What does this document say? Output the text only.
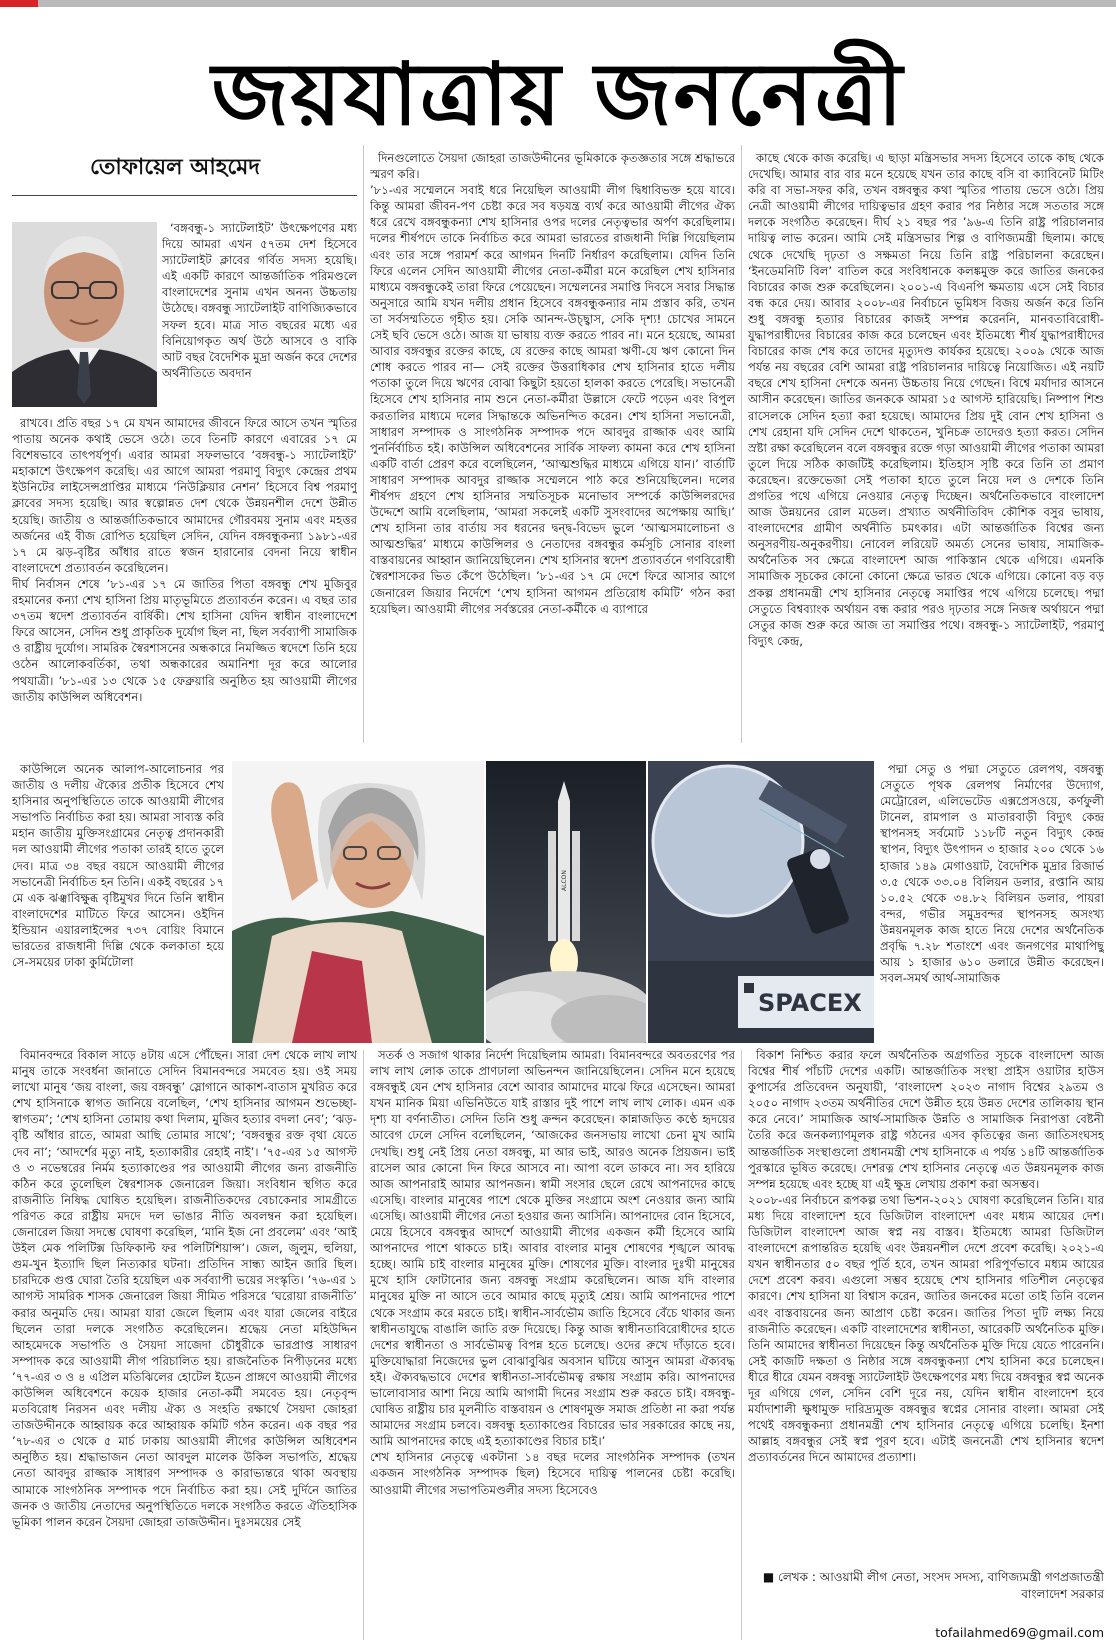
জয়যাত্রায় জননেত্রী
তোফায়েল আহমেদ

‘বঙ্গবন্ধু-১ স্যাটেলাইট’ উৎক্ষেপণের মধ্য দিয়ে আমরা এখন ৫৭তম দেশ হিসেবে স্যাটেলাইট ক্লাবের গর্বিত সদস্য হয়েছি। এই একটি কারণে আন্তর্জাতিক পরিমণ্ডলে বাংলাদেশের সুনাম এখন অনন্য উচ্চতায় উঠেছে। বঙ্গবন্ধু স্যাটেলাইট বাণিজ্যিকভাবে সফল হবে। মাত্র সাত বছরের মধ্যে এর বিনিয়োগকৃত অর্থ উঠে আসবে ও বাকি আট বছর বৈদেশিক মুদ্রা অর্জন করে দেশের অর্থনীতিতে অবদান

রাখবে। প্রতি বছর ১৭ মে যখন আমাদের জীবনে ফিরে আসে তখন স্মৃতির পাতায় অনেক কথাই ভেসে ওঠে। তবে তিনটি কারণে এবারের ১৭ মে বিশেষভাবে তাৎপর্যপূর্ণ। এবার আমরা সফলভাবে ‘বঙ্গবন্ধু-১ স্যাটেলাইট’ মহাকাশে উৎক্ষেপণ করেছি। এর আগে আমরা পরমাণু বিদ্যুৎ কেন্দ্রের প্রথম ইউনিটের লাইসেন্সপ্রাপ্তির মাধ্যমে ‘নিউক্লিয়ার নেশন’ হিসেবে বিশ্ব পরমাণু ক্লাবের সদস্য হয়েছি। আর স্বল্পোন্নত দেশ থেকে উন্নয়নশীল দেশে উন্নীত হয়েছি। জাতীয় ও আন্তর্জাতিকভাবে আমাদের গৌরবময় সুনাম এবং মহত্তর অর্জনের এই বীজ রোপিত হয়েছিল সেদিন, যেদিন বঙ্গবন্ধুকন্যা ১৯৮১-এর ১৭ মে ঝড়-বৃষ্টির আঁধার রাতে স্বজন হারানোর বেদনা নিয়ে স্বাধীন বাংলাদেশে প্রত্যাবর্তন করেছিলেন।
দীর্ঘ নির্বাসন শেষে ’৮১-এর ১৭ মে জাতির পিতা বঙ্গবন্ধু শেখ মুজিবুর রহমানের কন্যা শেখ হাসিনা প্রিয় মাতৃভূমিতে প্রত্যাবর্তন করেন। এ বছর তার ৩৭তম স্বদেশ প্রত্যাবর্তন বার্ষিকী। শেখ হাসিনা যেদিন স্বাধীন বাংলাদেশে ফিরে আসেন, সেদিন শুধু প্রাকৃতিক দুর্যোগ ছিল না, ছিল সর্বব্যাপী সামাজিক ও রাষ্ট্রীয় দুর্যোগ। সামরিক স্বৈরশাসনের অন্ধকারে নিমজ্জিত স্বদেশে তিনি হয়ে ওঠেন আলোকবর্তিকা, তথা অন্ধকারের অমানিশা দূর করে আলোর পথযাত্রী। ’৮১-এর ১৩ থেকে ১৫ ফেব্রুয়ারি অনুষ্ঠিত হয় আওয়ামী লীগের জাতীয় কাউন্সিল অধিবেশন।

কাউন্সিলে অনেক আলাপ-আলোচনার পর জাতীয় ও দলীয় ঐক্যের প্রতীক হিসেবে শেখ হাসিনার অনুপস্থিতিতে তাকে আওয়ামী লীগের সভাপতি নির্বাচিত করা হয়। আমরা সাব্যস্ত করি মহান জাতীয় মুক্তিসংগ্রামের নেতৃত্ব প্রদানকারী দল আওয়ামী লীগের পতাকা তারই হাতে তুলে দেব। মাত্র ৩৪ বছর বয়সে আওয়ামী লীগের সভানেত্রী নির্বাচিত হন তিনি। একই বছরের ১৭ মে এক ঝঞ্ঝাবিক্ষুব্ধ বৃষ্টিমুখর দিনে তিনি স্বাধীন বাংলাদেশের মাটিতে ফিরে আসেন। ওইদিন ইন্ডিয়ান এয়ারলাইন্সের ৭৩৭ বোয়িং বিমানে ভারতের রাজধানী দিল্লি থেকে কলকাতা হয়ে সে-সময়ের ঢাকা কুর্মিটোলা

বিমানবন্দরে বিকাল সাড়ে ৪টায় এসে পৌঁছেন। সারা দেশ থেকে লাখ লাখ মানুষ তাকে সংবর্ধনা জানাতে সেদিন বিমানবন্দরে সমবেত হয়। ওই সময় লাখো মানুষ ‘জয় বাংলা, জয় বঙ্গবন্ধু’ স্লোগানে আকাশ-বাতাস মুখরিত করে শেখ হাসিনাকে স্বাগত জানিয়ে বলেছিল, ‘শেখ হাসিনার আগমন শুভেচ্ছা-স্বাগতম’; ‘শেখ হাসিনা তোমায় কথা দিলাম, মুজিব হত্যার বদলা নেব’; ‘ঝড়-বৃষ্টি আঁধার রাতে, আমরা আছি তোমার সাথে’; ‘বঙ্গবন্ধুর রক্ত বৃথা যেতে দেব না’; ‘আদর্শের মৃত্যু নাই, হত্যাকারীর রেহাই নাই’। ’৭৫-এর ১৫ আগস্ট ও ৩ নভেম্বরের নির্মম হত্যাকাণ্ডের পর আওয়ামী লীগের জন্য রাজনীতি কঠিন করে তুলেছিল স্বৈরশাসক জেনারেল জিয়া। সংবিধান স্থগিত করে রাজনীতি নিষিদ্ধ ঘোষিত হয়েছিল। রাজনীতিকদের বেচাকেনার সামগ্রীতে পরিণত করে রাষ্ট্রীয় মদদে দল ভাঙার নীতি অবলম্বন করা হয়েছিল। জেনারেল জিয়া সদম্ভে ঘোষণা করেছিল, ‘মানি ইজ নো প্রবলেম’ এবং ‘আই উইল মেক পলিটিক্স ডিফিকাল্ট ফর পলিটিশিয়ান্স’। জেল, জুলুম, হুলিয়া, গুম-খুন ইত্যাদি ছিল নিত্যকার ঘটনা। প্রতিদিন সান্ধ্য আইন জারি ছিল। চারদিকে গুপ্ত ঘোরা তৈরি হয়েছিল এক সর্বব্যাপী ভয়ের সংস্কৃতি। ’৭৬-এর ১ আগস্ট সামরিক শাসক জেনারেল জিয়া সীমিত পরিসরে ‘ঘরোয়া রাজনীতি’ করার অনুমতি দেয়। আমরা যারা জেলে ছিলাম এবং যারা জেলের বাইরে ছিলেন তারা দলকে সংগঠিত করেছিলেন। শ্রদ্ধেয় নেতা মহিউদ্দিন আহমেদকে সভাপতি ও সৈয়দা সাজেদা চৌধুরীকে ভারপ্রাপ্ত সাধারণ সম্পাদক করে আওয়ামী লীগ পরিচালিত হয়। রাজনৈতিক নিপীড়নের মধ্যে ’৭৭-এর ৩ ও ৪ এপ্রিল মতিঝিলের হোটেল ইডেন প্রাঙ্গণে আওয়ামী লীগের কাউন্সিল অধিবেশনে কয়েক হাজার নেতা-কর্মী সমবেত হয়। নেতৃবৃন্দ মতবিরোধ নিরসন এবং দলীয় ঐক্য ও সংহতি রক্ষার্থে সৈয়দা জোহরা তাজউদ্দীনকে আহ্বায়ক করে আহ্বায়ক কমিটি গঠন করেন। এক বছর পর ’৭৮-এর ৩ থেকে ৫ মার্চ ঢাকায় আওয়ামী লীগের কাউন্সিল অধিবেশন অনুষ্ঠিত হয়। শ্রদ্ধাভাজন নেতা আবদুল মালেক উকিল সভাপতি, শ্রদ্ধেয় নেতা আবদুর রাজ্জাক সাধারণ সম্পাদক ও কারাভ্যন্তরে থাকা অবস্থায় আমাকে সাংগঠনিক সম্পাদক পদে নির্বাচিত করা হয়। সেই দুর্দিনে জাতির জনক ও জাতীয় নেতাদের অনুপস্থিতিতে দলকে সংগঠিত করতে ঐতিহাসিক ভূমিকা পালন করেন সৈয়দা জোহরা তাজউদ্দীন। দুঃসময়ের সেই

দিনগুলোতে সৈয়দা জোহরা তাজউদ্দীনের ভূমিকাকে কৃতজ্ঞতার সঙ্গে শ্রদ্ধাভরে স্মরণ করি।
’৮১-এর সম্মেলনে সবাই ধরে নিয়েছিল আওয়ামী লীগ দ্বিধাবিভক্ত হয়ে যাবে। কিন্তু আমরা জীবন-পণ চেষ্টা করে সব ষড়যন্ত্র ব্যর্থ করে আওয়ামী লীগের ঐক্য ধরে রেখে বঙ্গবন্ধুকন্যা শেখ হাসিনার ওপর দলের নেতৃত্বভার অর্পণ করেছিলাম। দলের শীর্ষপদে তাকে নির্বাচিত করে আমরা ভারতের রাজধানী দিল্লি গিয়েছিলাম এবং তার সঙ্গে পরামর্শ করে আগমন দিনটি নির্ধারণ করেছিলাম। যেদিন তিনি ফিরে এলেন সেদিন আওয়ামী লীগের নেতা-কর্মীরা মনে করেছিল শেখ হাসিনার মাধ্যমে বঙ্গবন্ধুকেই তারা ফিরে পেয়েছেন। সম্মেলনের সমাপ্তি দিবসে সবার সিদ্ধান্ত অনুসারে আমি যখন দলীয় প্রধান হিসেবে বঙ্গবন্ধুকন্যার নাম প্রস্তাব করি, তখন তা সর্বসম্মতিতে গৃহীত হয়। সেকি আনন্দ-উচ্ছ্বাস, সেকি দৃশ্য! চোখের সামনে সেই ছবি ভেসে ওঠে। আজ যা ভাষায় ব্যক্ত করতে পারব না। মনে হয়েছে, আমরা আবার বঙ্গবন্ধুর রক্তের কাছে, যে রক্তের কাছে আমরা ঋণী-যে ঋণ কোনো দিন শোধ করতে পারব না— সেই রক্তের উত্তরাধিকার শেখ হাসিনার হাতে দলীয় পতাকা তুলে দিয়ে ঋণের বোঝা কিছুটা হয়তো হালকা করতে পেরেছি। সভানেত্রী হিসেবে শেখ হাসিনার নাম শুনে নেতা-কর্মীরা উল্লাসে ফেটে পড়েন এবং বিপুল করতালির মাধ্যমে দলের সিদ্ধান্তকে অভিনন্দিত করেন। শেখ হাসিনা সভানেত্রী, সাধারণ সম্পাদক ও সাংগঠনিক সম্পাদক পদে আবদুর রাজ্জাক এবং আমি পুনর্নির্বাচিত হই। কাউন্সিল অধিবেশনের সার্বিক সাফল্য কামনা করে শেখ হাসিনা একটি বার্তা প্রেরণ করে বলেছিলেন, ‘আত্মশুদ্ধির মাধ্যমে এগিয়ে যান।’ বার্তাটি সাধারণ সম্পাদক আবদুর রাজ্জাক সম্মেলনে পাঠ করে শুনিয়েছিলেন। দলের শীর্ষপদ গ্রহণে শেখ হাসিনার সম্মতিসূচক মনোভাব সম্পর্কে কাউন্সিলরদের উদ্দেশে আমি বলেছিলাম, ‘আমরা সকলেই একটি সুসংবাদের অপেক্ষায় আছি।’ শেখ হাসিনা তার বার্তায় সব ধরনের দ্বন্দ্ব-বিভেদ ভুলে ‘আত্মসমালোচনা ও আত্মশুদ্ধির’ মাধ্যমে কাউন্সিলর ও নেতাদের বঙ্গবন্ধুর কর্মসূচি সোনার বাংলা বাস্তবায়নের আহ্বান জানিয়েছিলেন। শেখ হাসিনার স্বদেশ প্রত্যাবর্তনে গণবিরোধী স্বৈরশাসকের ভিত কেঁপে উঠেছিল। ’৮১-এর ১৭ মে দেশে ফিরে আসার আগে জেনারেল জিয়ার নির্দেশে ‘শেখ হাসিনা আগমন প্রতিরোধ কমিটি’ গঠন করা হয়েছিল। আওয়ামী লীগের সর্বস্তরের নেতা-কর্মীকে এ ব্যাপারে

সতর্ক ও সজাগ থাকার নির্দেশ দিয়েছিলাম আমরা। বিমানবন্দরে অবতরণের পর লাখ লাখ লোক তাকে প্রাণঢালা অভিনন্দন জানিয়েছিলেন। সেদিন মনে হয়েছে বঙ্গবন্ধুই যেন শেখ হাসিনার বেশে আবার আমাদের মাঝে ফিরে এসেছেন। আমরা যখন মানিক মিয়া এভিনিউতে যাই রাস্তার দুই পাশে লাখ লাখ লোক। এমন এক দৃশ্য যা বর্ণনাতীত। সেদিন তিনি শুধু ক্রন্দন করেছেন। কান্নাজড়িত কণ্ঠে হৃদয়ের আবেগ ঢেলে সেদিন বলেছিলেন, ‘আজকের জনসভায় লাখো চেনা মুখ আমি দেখছি। শুধু নেই প্রিয় নেতা বঙ্গবন্ধু, মা আর ভাই, আরও অনেক প্রিয়জন। ভাই রাসেল আর কোনো দিন ফিরে আসবে না। আপা বলে ডাকবে না। সব হারিয়ে আজ আপনারাই আমার আপনজন। স্বামী সংসার ছেলে রেখে আপনাদের কাছে এসেছি। বাংলার মানুষের পাশে থেকে মুক্তির সংগ্রামে অংশ নেওয়ার জন্য আমি এসেছি। আওয়ামী লীগের নেতা হওয়ার জন্য আসিনি। আপনাদের বোন হিসেবে, মেয়ে হিসেবে বঙ্গবন্ধুর আদর্শে আওয়ামী লীগের একজন কর্মী হিসেবে আমি আপনাদের পাশে থাকতে চাই। আবার বাংলার মানুষ শোষণের শৃঙ্খলে আবদ্ধ হচ্ছে। আমি চাই বাংলার মানুষের মুক্তি। শোষণের মুক্তি। বাংলার দুঃখী মানুষের মুখে হাসি ফোটানোর জন্য বঙ্গবন্ধু সংগ্রাম করেছিলেন। আজ যদি বাংলার মানুষের মুক্তি না আসে তবে আমার কাছে মৃত্যুই শ্রেয়। আমি আপনাদের পাশে থেকে সংগ্রাম করে মরতে চাই। স্বাধীন-সার্বভৌম জাতি হিসেবে বেঁচে থাকার জন্য স্বাধীনতাযুদ্ধে বাঙালি জাতি রক্ত দিয়েছে। কিন্তু আজ স্বাধীনতাবিরোধীদের হাতে দেশের স্বাধীনতা ও সার্বভৌমত্ব বিপন্ন হতে চলেছে। ওদের রুখে দাঁড়াতে হবে। মুক্তিযোদ্ধারা নিজেদের ভুল বোঝাবুঝির অবসান ঘটিয়ে আসুন আমরা ঐক্যবদ্ধ হই। ঐক্যবদ্ধভাবে দেশের স্বাধীনতা-সার্বভৌমত্ব রক্ষায় সংগ্রাম করি। আপনাদের ভালোবাসার আশা নিয়ে আমি আগামী দিনের সংগ্রাম শুরু করতে চাই। বঙ্গবন্ধু-ঘোষিত রাষ্ট্রীয় চার মূলনীতি বাস্তবায়ন ও শোষণমুক্ত সমাজ প্রতিষ্ঠা না করা পর্যন্ত আমাদের সংগ্রাম চলবে। বঙ্গবন্ধু হত্যাকাণ্ডের বিচারের ভার সরকারের কাছে নয়, আমি আপনাদের কাছে এই হত্যাকাণ্ডের বিচার চাই।’
শেখ হাসিনার নেতৃত্বে একটানা ১৪ বছর দলের সাংগঠনিক সম্পাদক (তখন একজন সাংগঠনিক সম্পাদক ছিল) হিসেবে দায়িত্ব পালনের চেষ্টা করেছি। আওয়ামী লীগের সভাপতিমণ্ডলীর সদস্য হিসেবেও

কাছে থেকে কাজ করেছি। এ ছাড়া মন্ত্রিসভার সদস্য হিসেবে তাকে কাছ থেকে দেখেছি। আমার বার বার মনে হয়েছে যখন তার কাছে বসি বা ক্যাবিনেট মিটিং করি বা সভা-সফর করি, তখন বঙ্গবন্ধুর কথা স্মৃতির পাতায় ভেসে ওঠে। প্রিয় নেত্রী আওয়ামী লীগের দায়িত্বভার গ্রহণ করার পর নিষ্ঠার সঙ্গে সততার সঙ্গে দলকে সংগঠিত করেছেন। দীর্ঘ ২১ বছর পর ’৯৬-এ তিনি রাষ্ট্র পরিচালনার দায়িত্ব লাভ করেন। আমি সেই মন্ত্রিসভার শিল্প ও বাণিজ্যমন্ত্রী ছিলাম। কাছে থেকে দেখেছি দৃঢ়তা ও সক্ষমতা নিয়ে তিনি রাষ্ট্র পরিচালনা করেছেন। ‘ইনডেমনিটি বিল’ বাতিল করে সংবিধানকে কলঙ্কমুক্ত করে জাতির জনকের বিচারের কাজ শুরু করেছিলেন। ২০০১-এ বিএনপি ক্ষমতায় এসে সেই বিচার বন্ধ করে দেয়। আবার ২০০৮-এর নির্বাচনে ভূমিধস বিজয় অর্জন করে তিনি শুধু বঙ্গবন্ধু হত্যার বিচারের কাজই সম্পন্ন করেননি, মানবতাবিরোধী-যুদ্ধাপরাধীদের বিচারের কাজ করে চলেছেন এবং ইতিমধ্যে শীর্ষ যুদ্ধাপরাধীদের বিচারের কাজ শেষ করে তাদের মৃত্যুদণ্ড কার্যকর হয়েছে। ২০০৯ থেকে আজ পর্যন্ত নয় বছরের বেশি আমরা রাষ্ট্র পরিচালনার দায়িত্বে নিয়োজিত। এই নয়টি বছরে শেখ হাসিনা দেশকে অনন্য উচ্চতায় নিয়ে গেছেন। বিশ্বে মর্যাদার আসনে আসীন করেছেন। জাতির জনককে আমরা ১৫ আগস্ট হারিয়েছি। নিষ্পাপ শিশু রাসেলকে সেদিন হত্যা করা হয়েছে। আমাদের প্রিয় দুই বোন শেখ হাসিনা ও শেখ রেহানা যদি সেদিন দেশে থাকতেন, খুনিচক্র তাদেরও হত্যা করত। সেদিন স্রষ্টা রক্ষা করেছিলেন বলে বঙ্গবন্ধুর রক্তে গড়া আওয়ামী লীগের পতাকা আমরা তুলে দিয়ে সঠিক কাজটিই করেছিলাম। ইতিহাস সৃষ্টি করে তিনি তা প্রমাণ করেছেন। রক্তেভেজা সেই পতাকা হাতে তুলে নিয়ে দল ও দেশকে তিনি প্রগতির পথে এগিয়ে নেওয়ার নেতৃত্ব দিচ্ছেন। অর্থনৈতিকভাবে বাংলাদেশ আজ উন্নয়নের রোল মডেল। প্রখ্যাত অর্থনীতিবিদ কৌশিক বসুর ভাষায়, বাংলাদেশের গ্রামীণ অর্থনীতি চমৎকার। এটা আন্তর্জাতিক বিশ্বের জন্য অনুসরণীয়-অনুকরণীয়। নোবেল লরিয়েট অমর্ত্য সেনের ভাষায়, সামাজিক-অর্থনৈতিক সব ক্ষেত্রে বাংলাদেশ আজ পাকিস্তান থেকে এগিয়ে। এমনকি সামাজিক সূচকের কোনো কোনো ক্ষেত্রে ভারত থেকে এগিয়ে। কোনো বড় বড় প্রকল্প প্রধানমন্ত্রী শেখ হাসিনার নেতৃত্বে সমাপ্তির পথে এগিয়ে চলেছে। পদ্মা সেতুতে বিশ্বব্যাংক অর্থায়ন বন্ধ করার পরও দৃঢ়তার সঙ্গে নিজস্ব অর্থায়নে পদ্মা সেতুর কাজ শুরু করে আজ তা সমাপ্তির পথে। বঙ্গবন্ধু-১ স্যাটেলাইট, পরমাণু বিদ্যুৎ কেন্দ্র,

পদ্মা সেতু ও পদ্মা সেতুতে রেলপথ, বঙ্গবন্ধু সেতুতে পৃথক রেলপথ নির্মাণের উদ্যোগ, মেট্রোরেল, এলিভেটেড এক্সপ্রেসওয়ে, কর্ণফুলী টানেল, রামপাল ও মাতারবাড়ী বিদ্যুৎ কেন্দ্র স্থাপনসহ সর্বমোট ১১৮টি নতুন বিদ্যুৎ কেন্দ্র স্থাপন, বিদ্যুৎ উৎপাদন ৩ হাজার ২০০ থেকে ১৬ হাজার ১৪৯ মেগাওয়াট, বৈদেশিক মুদ্রার রিজার্ভ ৩.৫ থেকে ৩৩.০৪ বিলিয়ন ডলার, রপ্তানি আয় ১০.৫২ থেকে ৩৪.৮২ বিলিয়ন ডলার, পায়রা বন্দর, গভীর সমুদ্রবন্দর স্থাপনসহ অসংখ্য উন্নয়নমূলক কাজ হাতে নিয়ে দেশের অর্থনৈতিক প্রবৃদ্ধি ৭.২৮ শতাংশে এবং জনগণের মাথাপিছু আয় ১ হাজার ৬১০ ডলারে উন্নীত করেছেন। সবল-সমর্থ আর্থ-সামাজিক

বিকাশ নিশ্চিত করার ফলে অর্থনৈতিক অগ্রগতির সূচকে বাংলাদেশ আজ বিশ্বের শীর্ষ পাঁচটি দেশের একটি। আন্তর্জাতিক সংস্থা প্রাইস ওয়াটার হাউস কুপার্সের প্রতিবেদন অনুযায়ী, ‘বাংলাদেশ ২০২৩ নাগাদ বিশ্বের ২৯তম ও ২০৫০ নাগাদ ২৩তম অর্থনীতির দেশে উন্নীত হয়ে উন্নত দেশের তালিকায় স্থান করে নেবে।’ সামাজিক আর্থ-সামাজিক উন্নতি ও সামাজিক নিরাপত্তা বেষ্টনী তৈরি করে জনকল্যাণমূলক রাষ্ট্র গঠনের এসব কৃতিত্বের জন্য জাতিসংঘসহ আন্তর্জাতিক সংস্থাগুলো প্রধানমন্ত্রী শেখ হাসিনাকে এ পর্যন্ত ১৪টি আন্তর্জাতিক পুরস্কারে ভূষিত করেছে। দেশরত্ন শেখ হাসিনার নেতৃত্বে এত উন্নয়নমূলক কাজ সম্পন্ন হয়েছে এবং হচ্ছে যা এই ক্ষুদ্র লেখায় প্রকাশ করা অসম্ভব।
২০০৮-এর নির্বাচনে রূপকল্প তথা ভিশন-২০২১ ঘোষণা করেছিলেন তিনি। যার মধ্য দিয়ে বাংলাদেশ হবে ডিজিটাল বাংলাদেশ এবং মধ্যম আয়ের দেশ। ডিজিটাল বাংলাদেশ আজ স্বপ্ন নয় বাস্তব। ইতিমধ্যে আমরা ডিজিটাল বাংলাদেশে রূপান্তরিত হয়েছি এবং উন্নয়নশীল দেশে প্রবেশ করেছি। ২০২১-এ যখন স্বাধীনতার ৫০ বছর পূর্তি হবে, তখন আমরা পরিপূর্ণভাবে মধ্যম আয়ের দেশে প্রবেশ করব। এগুলো সম্ভব হয়েছে শেখ হাসিনার গতিশীল নেতৃত্বের কারণে। শেখ হাসিনা যা বিশ্বাস করেন, জাতির জনকের মতো তাই তিনি বলেন এবং বাস্তবায়নের জন্য আপ্রাণ চেষ্টা করেন। জাতির পিতা দুটি লক্ষ্য নিয়ে রাজনীতি করেছেন। একটি বাংলাদেশের স্বাধীনতা, আরেকটি অর্থনৈতিক মুক্তি। তিনি আমাদের স্বাধীনতা দিয়েছেন কিন্তু অর্থনৈতিক মুক্তি দিয়ে যেতে পারেননি। সেই কাজটি দক্ষতা ও নিষ্ঠার সঙ্গে বঙ্গবন্ধুকন্যা শেখ হাসিনা করে চলেছেন। ধীরে ধীরে যেমন বঙ্গবন্ধু স্যাটেলাইট উৎক্ষেপণের মধ্য দিয়ে বঙ্গবন্ধুর স্বপ্ন অনেক দূর এগিয়ে গেল, সেদিন বেশি দূরে নয়, যেদিন স্বাধীন বাংলাদেশ হবে মর্যাদাশালী ক্ষুধামুক্ত দারিদ্র্যমুক্ত বঙ্গবন্ধুর স্বপ্নের সোনার বাংলা। আমরা সেই পথেই বঙ্গবন্ধুকন্যা প্রধানমন্ত্রী শেখ হাসিনার নেতৃত্বে এগিয়ে চলেছি। ইনশা আল্লাহ বঙ্গবন্ধুর সেই স্বপ্ন পূরণ হবে। এটাই জননেত্রী শেখ হাসিনার স্বদেশ প্রত্যাবর্তনের দিনে আমাদের প্রত্যাশা।

ALCON
SPACEX
■ লেখক : আওয়ামী লীগ নেতা, সংসদ সদস্য, বাণিজ্যমন্ত্রী গণপ্রজাতন্ত্রী বাংলাদেশ সরকার
tofailahmed69@gmail.com
